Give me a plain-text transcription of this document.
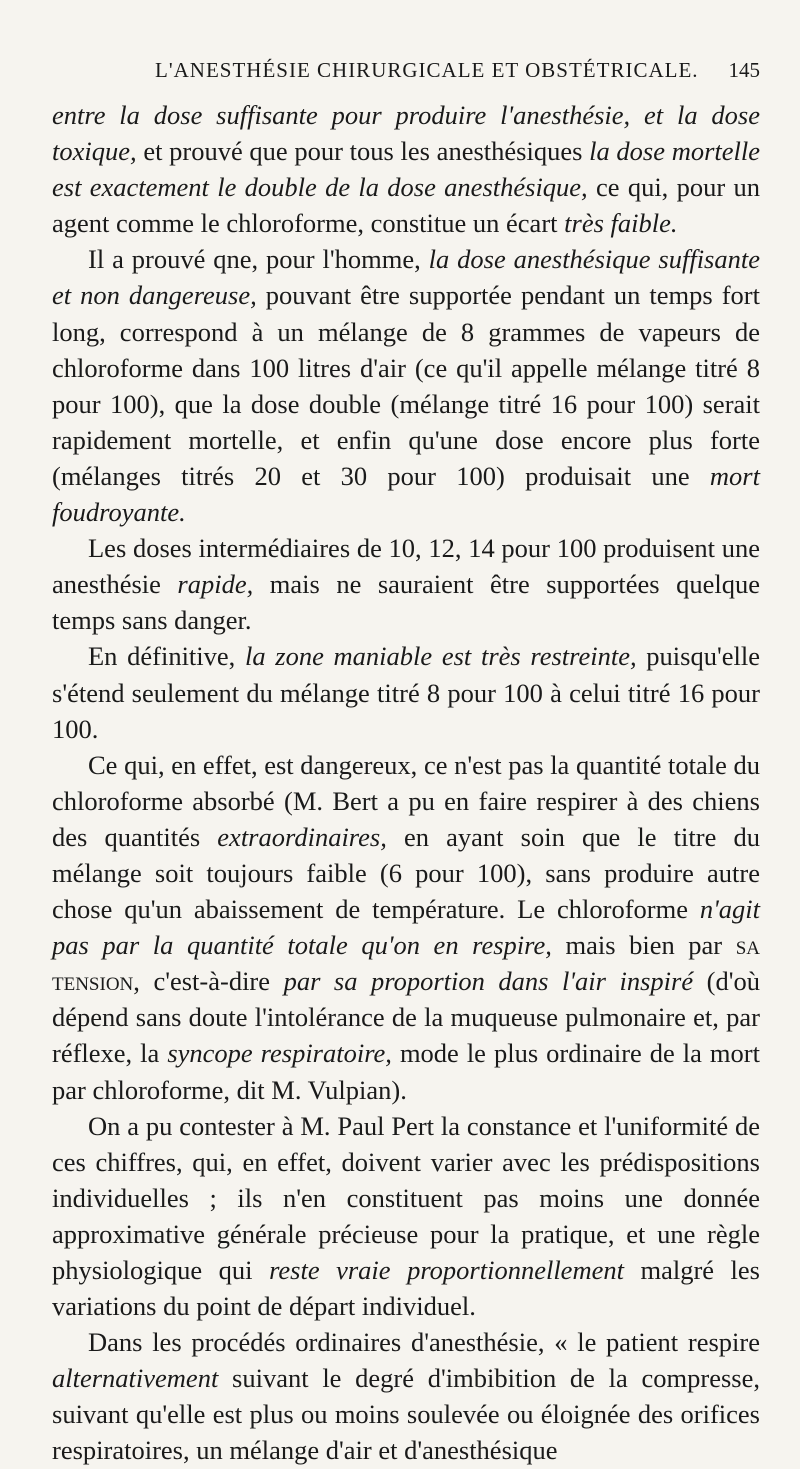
L'ANESTHÉSIE CHIRURGICALE ET OBSTÉTRICALE.	145

entre la dose suffisante pour produire l'anesthésie, et la dose toxique, et prouvé que pour tous les anesthésiques la dose mortelle est exactement le double de la dose anesthésique, ce qui, pour un agent comme le chloroforme, constitue un écart très faible.

Il a prouvé qne, pour l'homme, la dose anesthésique suffisante et non dangereuse, pouvant être supportée pendant un temps fort long, correspond à un mélange de 8 grammes de vapeurs de chloroforme dans 100 litres d'air (ce qu'il appelle mélange titré 8 pour 100), que la dose double (mélange titré 16 pour 100) serait rapidement mortelle, et enfin qu'une dose encore plus forte (mélanges titrés 20 et 30 pour 100) produisait une mort foudroyante.

Les doses intermédiaires de 10, 12, 14 pour 100 produisent une anesthésie rapide, mais ne sauraient être supportées quelque temps sans danger.

En définitive, la zone maniable est très restreinte, puisqu'elle s'étend seulement du mélange titré 8 pour 100 à celui titré 16 pour 100.

Ce qui, en effet, est dangereux, ce n'est pas la quantité totale du chloroforme absorbé (M. Bert a pu en faire respirer à des chiens des quantités extraordinaires, en ayant soin que le titre du mélange soit toujours faible (6 pour 100), sans produire autre chose qu'un abaissement de température. Le chloroforme n'agit pas par la quantité totale qu'on en respire, mais bien par sa tension, c'est-à-dire par sa proportion dans l'air inspiré (d'où dépend sans doute l'intolérance de la muqueuse pulmonaire et, par réflexe, la syncope respiratoire, mode le plus ordinaire de la mort par chloroforme, dit M. Vulpian).

On a pu contester à M. Paul Pert la constance et l'uniformité de ces chiffres, qui, en effet, doivent varier avec les prédispositions individuelles ; ils n'en constituent pas moins une donnée approximative générale précieuse pour la pratique, et une règle physiologique qui reste vraie proportionnellement malgré les variations du point de départ individuel.

Dans les procédés ordinaires d'anesthésie, « le patient respire alternativement suivant le degré d'imbibition de la compresse, suivant qu'elle est plus ou moins soulevée ou éloignée des orifices respiratoires, un mélange d'air et d'anesthésique
